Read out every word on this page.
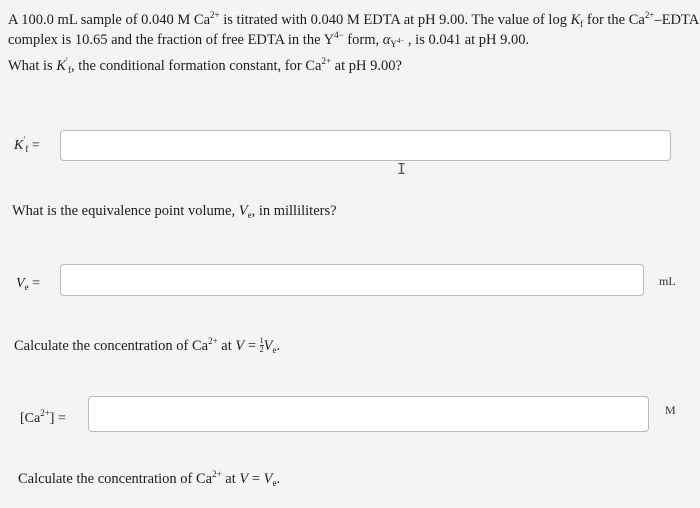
A 100.0 mL sample of 0.040 M $Ca^{2+}$ is titrated with 0.040 M EDTA at pH 9.00. The value of $\log K_f$ for the $Ca^{2+}$–EDTA
complex is 10.65 and the fraction of free EDTA in the $Y^{4-}$ form, $\alpha_{Y^{4-}}$ , is 0.041 at pH 9.00.
What is $K'_f$, the conditional formation constant, for $Ca^{2+}$ at pH 9.00?
$K'_f$ =
I
What is the equivalence point volume, $V_e$, in milliliters?
$V_e$ =	mL
Calculate the concentration of $Ca^{2+}$ at $V = \frac{1}{2} V_e$.
$[Ca^{2+}]$ =
M
Calculate the concentration of $Ca^{2+}$ at $V = V_e$.
